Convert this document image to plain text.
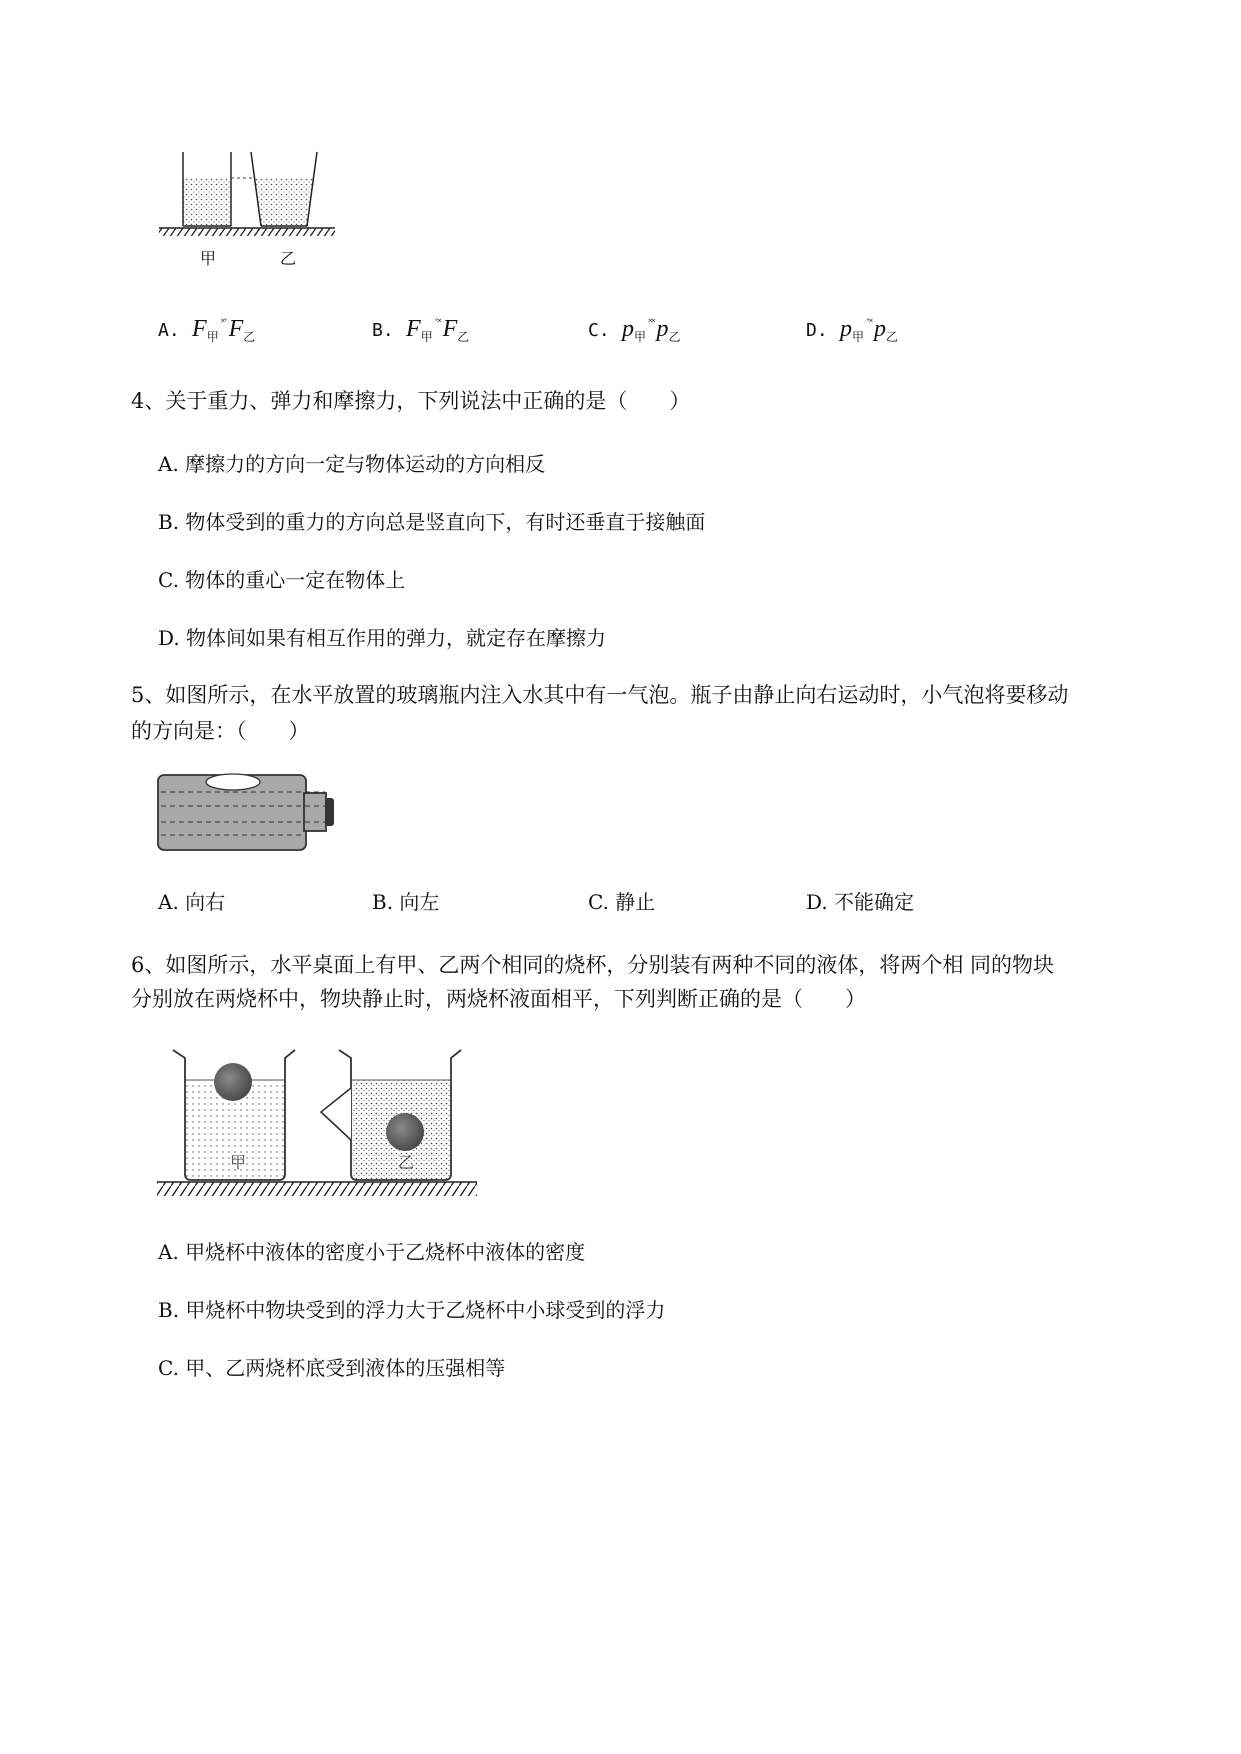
甲	乙
A. $F_甲^{˟˚}F_乙$	B. $F_甲^{˚˟}F_乙$	C. $p_甲^{˟˟}p_乙$	D. $p_甲^{˚˟}p_乙$
4、关于重力、弹力和摩擦力，下列说法中正确的是（　　）
A. 摩擦力的方向一定与物体运动的方向相反
B. 物体受到的重力的方向总是竖直向下，有时还垂直于接触面
C. 物体的重心一定在物体上
D. 物体间如果有相互作用的弹力，就定存在摩擦力
5、如图所示，在水平放置的玻璃瓶内注入水其中有一气泡。瓶子由静止向右运动时，小气泡将要移动
的方向是：（　　）
A. 向右	B. 向左	C. 静止	D. 不能确定
6、如图所示，水平桌面上有甲、乙两个相同的烧杯，分别装有两种不同的液体，将两个相 同的物块
分别放在两烧杯中，物块静止时，两烧杯液面相平，下列判断正确的是（　　）
甲	乙
A. 甲烧杯中液体的密度小于乙烧杯中液体的密度
B. 甲烧杯中物块受到的浮力大于乙烧杯中小球受到的浮力
C. 甲、乙两烧杯底受到液体的压强相等
